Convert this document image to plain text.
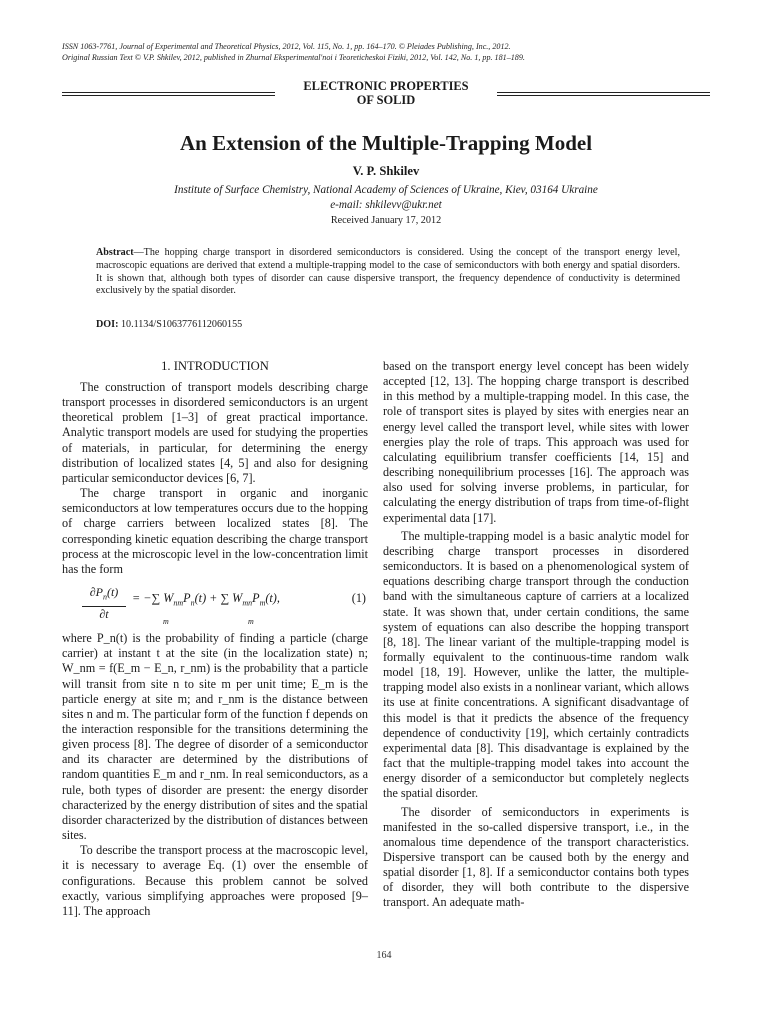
ISSN 1063-7761, Journal of Experimental and Theoretical Physics, 2012, Vol. 115, No. 1, pp. 164–170. © Pleiades Publishing, Inc., 2012.
Original Russian Text © V.P. Shkilev, 2012, published in Zhurnal Eksperimental'noi i Teoreticheskoi Fiziki, 2012, Vol. 142, No. 1, pp. 181–189.
ELECTRONIC PROPERTIES
OF SOLID
An Extension of the Multiple-Trapping Model
V. P. Shkilev
Institute of Surface Chemistry, National Academy of Sciences of Ukraine, Kiev, 03164 Ukraine
e-mail: shkilevv@ukr.net
Received January 17, 2012
Abstract—The hopping charge transport in disordered semiconductors is considered. Using the concept of the transport energy level, macroscopic equations are derived that extend a multiple-trapping model to the case of semiconductors with both energy and spatial disorders. It is shown that, although both types of disorder can cause dispersive transport, the frequency dependence of conductivity is determined exclusively by the spatial disorder.
DOI: 10.1134/S1063776112060155
1. INTRODUCTION

The construction of transport models describing charge transport processes in disordered semiconductors is an urgent theoretical problem [1–3] of great practical importance. Analytic transport models are used for studying the properties of materials, in particular, for determining the energy distribution of localized states [4, 5] and also for designing particular semiconductor devices [6, 7].

The charge transport in organic and inorganic semiconductors at low temperatures occurs due to the hopping of charge carriers between localized states [8]. The corresponding kinetic equation describing the charge transport process at the microscopic level in the low-concentration limit has the form

$\frac{\partial P_n(t)}{\partial t}$ = −∑ $W_{nm}P_n(t)$ + ∑ $W_{mn}P_m(t)$,
m	m
(1)

where P_n(t) is the probability of finding a particle (charge carrier) at instant t at the site (in the localization state) n; W_nm = f(E_m − E_n, r_nm) is the probability that a particle will transit from site n to site m per unit time; E_m is the particle energy at site m; and r_nm is the distance between sites n and m. The particular form of the function f depends on the interaction responsible for the transitions determining the given process [8]. The degree of disorder of a semiconductor and its character are determined by the distributions of random quantities E_m and r_nm. In real semiconductors, as a rule, both types of disorder are present: the energy disorder characterized by the energy distribution of sites and the spatial disorder characterized by the distribution of distances between sites.

To describe the transport process at the macroscopic level, it is necessary to average Eq. (1) over the ensemble of configurations. Because this problem cannot be solved exactly, various simplifying approaches were proposed [9–11]. The approach

based on the transport energy level concept has been widely accepted [12, 13]. The hopping charge transport is described in this method by a multiple-trapping model. In this case, the role of transport sites is played by sites with energies near an energy level called the transport level, while sites with lower energies play the role of traps. This approach was used for calculating equilibrium transfer coefficients [14, 15] and describing nonequilibrium processes [16]. The approach was also used for solving inverse problems, in particular, for calculating the energy distribution of traps from time-of-flight experimental data [17].

The multiple-trapping model is a basic analytic model for describing charge transport processes in disordered semiconductors. It is based on a phenomenological system of equations describing charge transport through the conduction band with the simultaneous capture of carriers at a localized state. It was shown that, under certain conditions, the same system of equations can also describe the hopping transport [8, 18]. The linear variant of the multiple-trapping model is formally equivalent to the continuous-time random walk model [18, 19]. However, unlike the latter, the multiple-trapping model also exists in a nonlinear variant, which allows its use at finite concentrations. A significant disadvantage of this model is that it predicts the absence of the frequency dependence of conductivity [19], which certainly contradicts experimental data [8]. This disadvantage is explained by the fact that the multiple-trapping model takes into account the energy disorder of a semiconductor but completely neglects the spatial disorder.

The disorder of semiconductors in experiments is manifested in the so-called dispersive transport, i.e., in the anomalous time dependence of the transport characteristics. Dispersive transport can be caused both by the energy and spatial disorder [1, 8]. If a semiconductor contains both types of disorder, they will both contribute to the dispersive transport. An adequate math-

164
